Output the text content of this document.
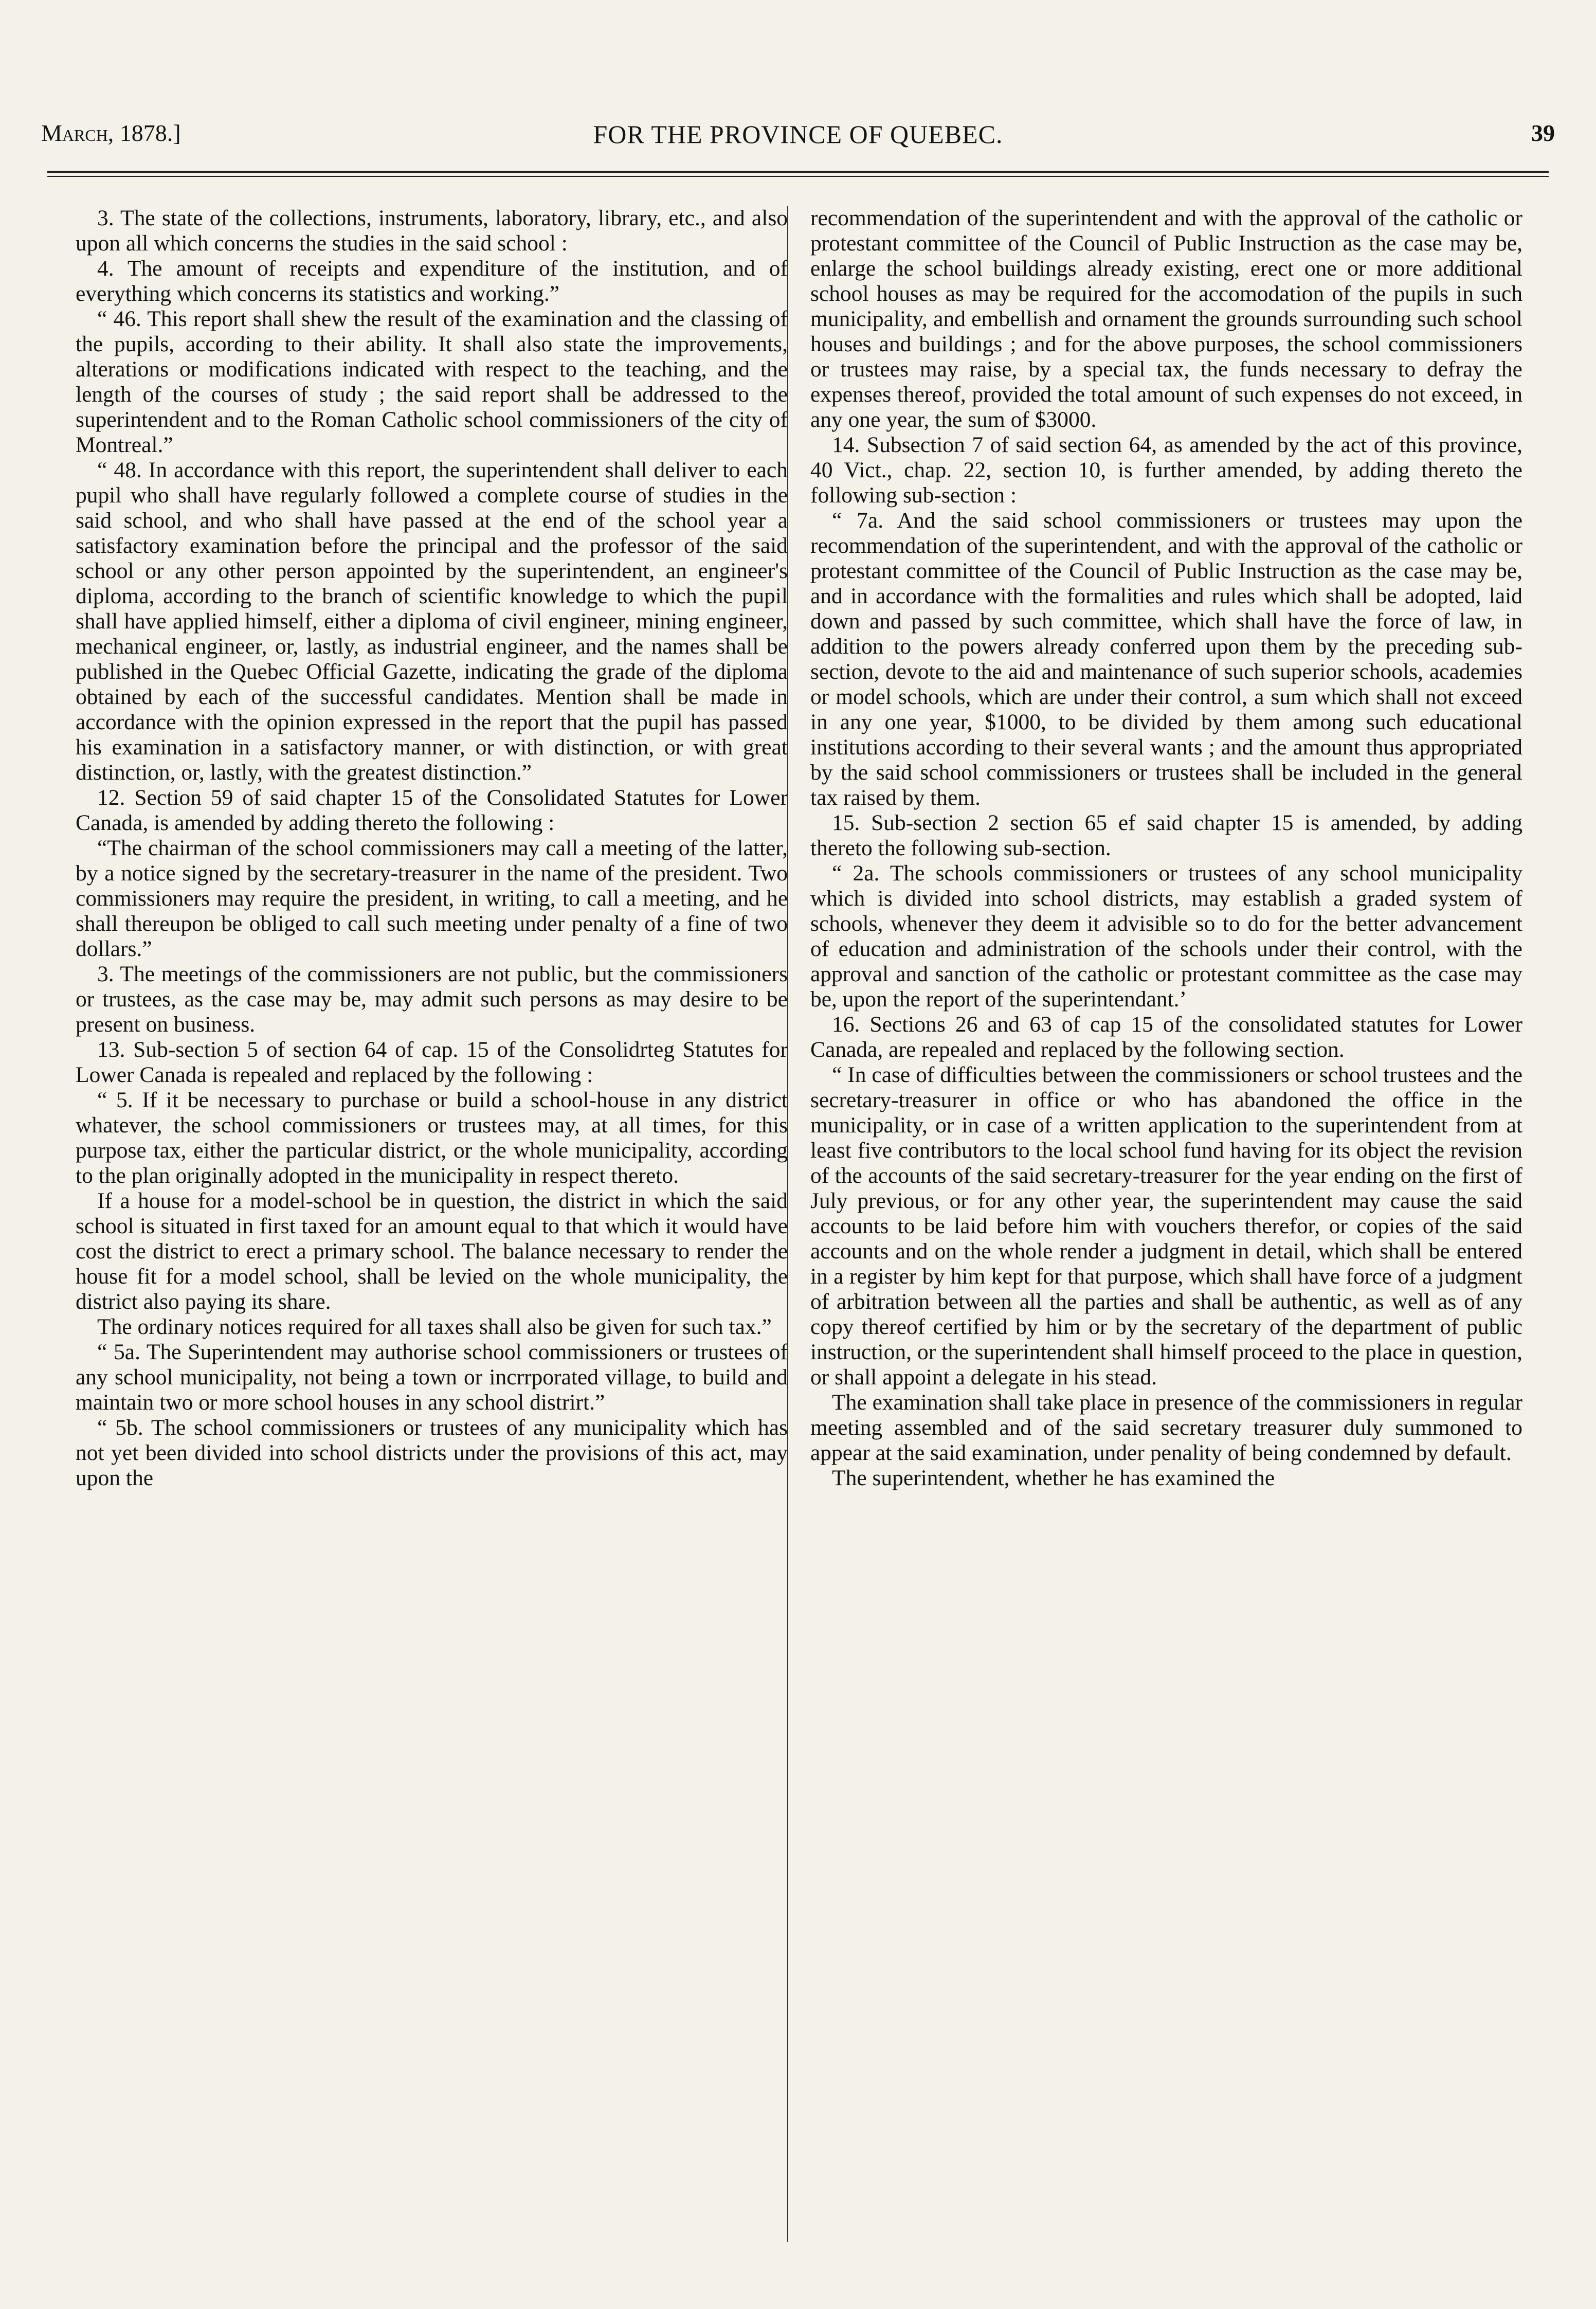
March, 1878.]	FOR THE PROVINCE OF QUEBEC.	39

3. The state of the collections, instruments, laboratory, library, etc., and also upon all which concerns the studies in the said school :

4. The amount of receipts and expenditure of the institution, and of everything which concerns its statistics and working.”

“ 46. This report shall shew the result of the examination and the classing of the pupils, according to their ability. It shall also state the improvements, alterations or modifications indicated with respect to the teaching, and the length of the courses of study ; the said report shall be addressed to the superintendent and to the Roman Catholic school commissioners of the city of Montreal.”

“ 48. In accordance with this report, the superintendent shall deliver to each pupil who shall have regularly followed a complete course of studies in the said school, and who shall have passed at the end of the school year a satisfactory examination before the principal and the professor of the said school or any other person appointed by the superintendent, an engineer's diploma, according to the branch of scientific knowledge to which the pupil shall have applied himself, either a diploma of civil engineer, mining engineer, mechanical engineer, or, lastly, as industrial engineer, and the names shall be published in the Quebec Official Gazette, indicating the grade of the diploma obtained by each of the successful candidates. Mention shall be made in accordance with the opinion expressed in the report that the pupil has passed his examination in a satisfactory manner, or with distinction, or with great distinction, or, lastly, with the greatest distinction.”

12. Section 59 of said chapter 15 of the Consolidated Statutes for Lower Canada, is amended by adding thereto the following :

“The chairman of the school commissioners may call a meeting of the latter, by a notice signed by the secretary-treasurer in the name of the president. Two commissioners may require the president, in writing, to call a meeting, and he shall thereupon be obliged to call such meeting under penalty of a fine of two dollars.”

3. The meetings of the commissioners are not public, but the commissioners or trustees, as the case may be, may admit such persons as may desire to be present on business.

13. Sub-section 5 of section 64 of cap. 15 of the Consolidrteg Statutes for Lower Canada is repealed and replaced by the following :

“ 5. If it be necessary to purchase or build a school-house in any district whatever, the school commissioners or trustees may, at all times, for this purpose tax, either the particular district, or the whole municipality, according to the plan originally adopted in the municipality in respect thereto.

If a house for a model-school be in question, the district in which the said school is situated in first taxed for an amount equal to that which it would have cost the district to erect a primary school. The balance necessary to render the house fit for a model school, shall be levied on the whole municipality, the district also paying its share.

The ordinary notices required for all taxes shall also be given for such tax.”

“ 5a. The Superintendent may authorise school commissioners or trustees of any school municipality, not being a town or incrrporated village, to build and maintain two or more school houses in any school distrirt.”

“ 5b. The school commissioners or trustees of any municipality which has not yet been divided into school districts under the provisions of this act, may upon the

recommendation of the superintendent and with the approval of the catholic or protestant committee of the Council of Public Instruction as the case may be, enlarge the school buildings already existing, erect one or more additional school houses as may be required for the accomodation of the pupils in such municipality, and embellish and ornament the grounds surrounding such school houses and buildings ; and for the above purposes, the school commissioners or trustees may raise, by a special tax, the funds necessary to defray the expenses thereof, provided the total amount of such expenses do not exceed, in any one year, the sum of $3000.

14. Subsection 7 of said section 64, as amended by the act of this province, 40 Vict., chap. 22, section 10, is further amended, by adding thereto the following sub-section :

“ 7a. And the said school commissioners or trustees may upon the recommendation of the superintendent, and with the approval of the catholic or protestant committee of the Council of Public Instruction as the case may be, and in accordance with the formalities and rules which shall be adopted, laid down and passed by such committee, which shall have the force of law, in addition to the powers already conferred upon them by the preceding sub-section, devote to the aid and maintenance of such superior schools, academies or model schools, which are under their control, a sum which shall not exceed in any one year, $1000, to be divided by them among such educational institutions according to their several wants ; and the amount thus appropriated by the said school commissioners or trustees shall be included in the general tax raised by them.

15. Sub-section 2 section 65 ef said chapter 15 is amended, by adding thereto the following sub-section.

“ 2a. The schools commissioners or trustees of any school municipality which is divided into school districts, may establish a graded system of schools, whenever they deem it advisible so to do for the better advancement of education and administration of the schools under their control, with the approval and sanction of the catholic or protestant committee as the case may be, upon the report of the superintendant.’

16. Sections 26 and 63 of cap 15 of the consolidated statutes for Lower Canada, are repealed and replaced by the following section.

“ In case of difficulties between the commissioners or school trustees and the secretary-treasurer in office or who has abandoned the office in the municipality, or in case of a written application to the superintendent from at least five contributors to the local school fund having for its object the revision of the accounts of the said secretary-treasurer for the year ending on the first of July previous, or for any other year, the superintendent may cause the said accounts to be laid before him with vouchers therefor, or copies of the said accounts and on the whole render a judgment in detail, which shall be entered in a register by him kept for that purpose, which shall have force of a judgment of arbitration between all the parties and shall be authentic, as well as of any copy thereof certified by him or by the secretary of the department of public instruction, or the superintendent shall himself proceed to the place in question, or shall appoint a delegate in his stead.

The examination shall take place in presence of the commissioners in regular meeting assembled and of the said secretary treasurer duly summoned to appear at the said examination, under penality of being condemned by default.

The superintendent, whether he has examined the
